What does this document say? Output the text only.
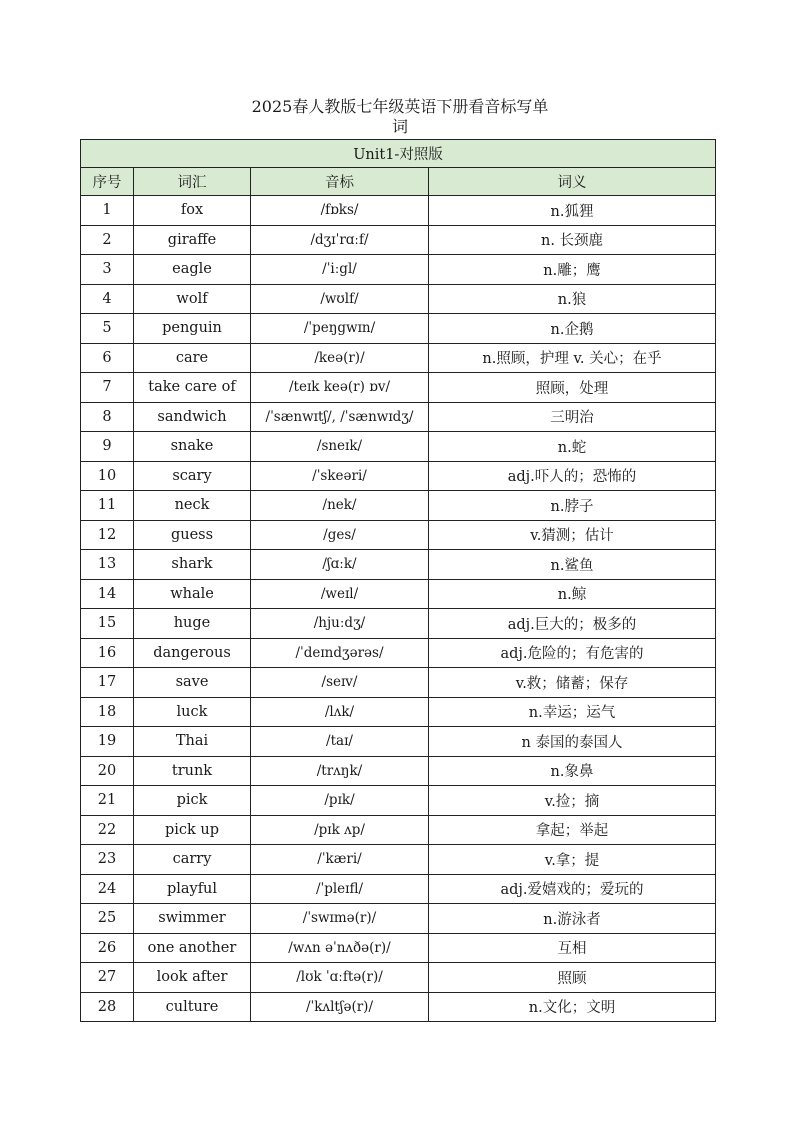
2025春人教版七年级英语下册看音标写单
词
Unit1-对照版			
序号	词汇	音标	词义
1	fox	/fɒks/	n.狐狸
2	giraffe	/dʒɪˈrɑːf/	n. 长颈鹿
3	eagle	/ˈiːgl/	n.雕；鹰
4	wolf	/wʊlf/	n.狼
5	penguin	/ˈpeŋgwɪn/	n.企鹅
6	care	/keə(r)/	n.照顾，护理 v. 关心；在乎
7	take care of	/teɪk keə(r) ɒv/	照顾，处理
8	sandwich	/ˈsænwɪtʃ/, /ˈsænwɪdʒ/	三明治
9	snake	/sneɪk/	n.蛇
10	scary	/ˈskeəri/	adj.吓人的；恐怖的
11	neck	/nek/	n.脖子
12	guess	/ges/	v.猜测；估计
13	shark	/ʃɑːk/	n.鲨鱼
14	whale	/weɪl/	n.鲸
15	huge	/hjuːdʒ/	adj.巨大的；极多的
16	dangerous	/ˈdeɪndʒərəs/	adj.危险的；有危害的
17	save	/seɪv/	v.救；储蓄；保存
18	luck	/lʌk/	n.幸运；运气
19	Thai	/taɪ/	n 泰国的泰国人
20	trunk	/trʌŋk/	n.象鼻
21	pick	/pɪk/	v.捡；摘
22	pick up	/pɪk ʌp/	拿起；举起
23	carry	/ˈkæri/	v.拿；提
24	playful	/ˈpleɪfl/	adj.爱嬉戏的；爱玩的
25	swimmer	/ˈswɪmə(r)/	n.游泳者
26	one another	/wʌn əˈnʌðə(r)/	互相
27	look after	/lʊk ˈɑːftə(r)/	照顾
28	culture	/ˈkʌltʃə(r)/	n.文化；文明
